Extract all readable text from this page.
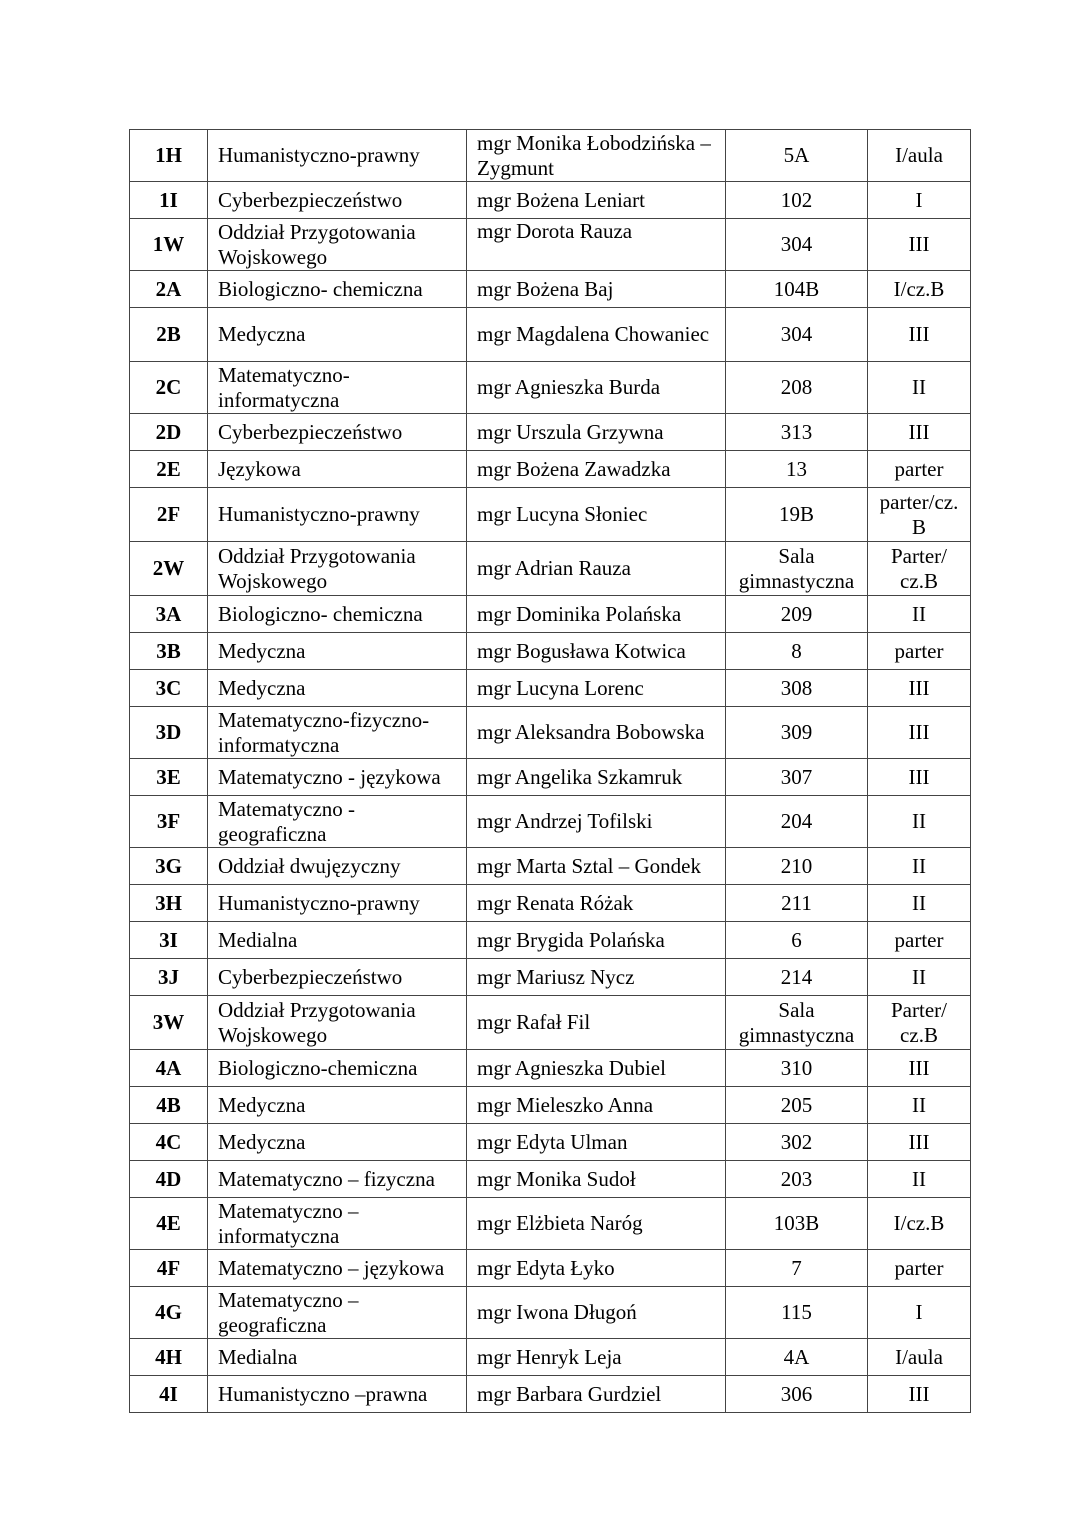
1H	Humanistyczno-prawny	mgr Monika Łobodzińska – Zygmunt	5A	I/aula
1I	Cyberbezpieczeństwo	mgr Bożena Leniart	102	I
1W	Oddział Przygotowania Wojskowego	mgr Dorota Rauza	304	III
2A	Biologiczno- chemiczna	mgr Bożena Baj	104B	I/cz.B
2B	Medyczna	mgr Magdalena Chowaniec	304	III
2C	Matematyczno- informatyczna	mgr Agnieszka Burda	208	II
2D	Cyberbezpieczeństwo	mgr Urszula Grzywna	313	III
2E	Językowa	mgr Bożena Zawadzka	13	parter
2F	Humanistyczno-prawny	mgr Lucyna Słoniec	19B	parter/cz. B
2W	Oddział Przygotowania Wojskowego	mgr Adrian Rauza	Sala gimnastyczna	Parter/ cz.B
3A	Biologiczno- chemiczna	mgr Dominika Polańska	209	II
3B	Medyczna	mgr Bogusława Kotwica	8	parter
3C	Medyczna	mgr Lucyna Lorenc	308	III
3D	Matematyczno-fizyczno-informatyczna	mgr Aleksandra Bobowska	309	III
3E	Matematyczno - językowa	mgr Angelika Szkamruk	307	III
3F	Matematyczno - geograficzna	mgr Andrzej Tofilski	204	II
3G	Oddział dwujęzyczny	mgr Marta Sztal – Gondek	210	II
3H	Humanistyczno-prawny	mgr Renata Różak	211	II
3I	Medialna	mgr Brygida Polańska	6	parter
3J	Cyberbezpieczeństwo	mgr Mariusz Nycz	214	II
3W	Oddział Przygotowania Wojskowego	mgr Rafał Fil	Sala gimnastyczna	Parter/ cz.B
4A	Biologiczno-chemiczna	mgr Agnieszka Dubiel	310	III
4B	Medyczna	mgr Mieleszko Anna	205	II
4C	Medyczna	mgr Edyta Ulman	302	III
4D	Matematyczno – fizyczna	mgr Monika Sudoł	203	II
4E	Matematyczno – informatyczna	mgr Elżbieta Naróg	103B	I/cz.B
4F	Matematyczno – językowa	mgr Edyta Łyko	7	parter
4G	Matematyczno – geograficzna	mgr Iwona Długoń	115	I
4H	Medialna	mgr Henryk Leja	4A	I/aula
4I	Humanistyczno –prawna	mgr Barbara Gurdziel	306	III
